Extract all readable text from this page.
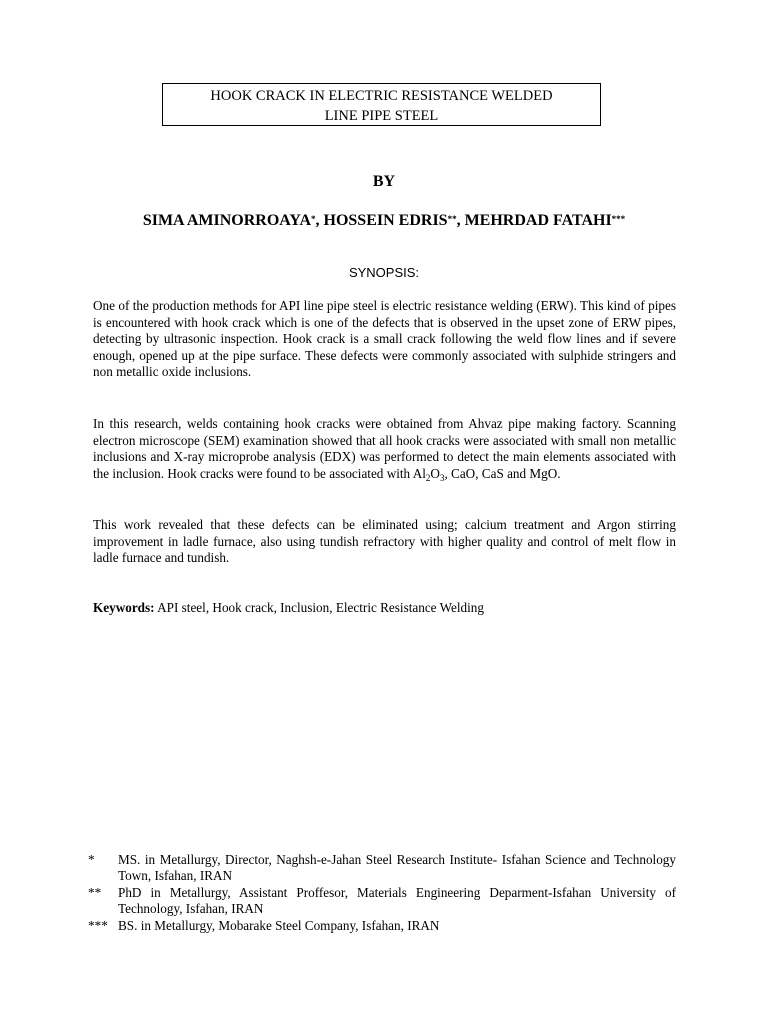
HOOK CRACK IN ELECTRIC RESISTANCE WELDED
LINE PIPE STEEL
BY
SIMA AMINORROAYA*, HOSSEIN EDRIS**, MEHRDAD FATAHI***
SYNOPSIS:

One of the production methods for API line pipe steel is electric resistance welding (ERW). This kind of pipes is encountered with hook crack which is one of the defects that is observed in the upset zone of ERW pipes, detecting by ultrasonic inspection. Hook crack is a small crack following the weld flow lines and if severe enough, opened up at the pipe surface. These defects were commonly associated with sulphide stringers and non metallic oxide inclusions.

In this research, welds containing hook cracks were obtained from Ahvaz pipe making factory. Scanning electron microscope (SEM) examination showed that all hook cracks were associated with small non metallic inclusions and X-ray microprobe analysis (EDX) was performed to detect the main elements associated with the inclusion. Hook cracks were found to be associated with $Al_2O_3$, CaO, CaS and MgO.

This work revealed that these defects can be eliminated using; calcium treatment and Argon stirring improvement in ladle furnace, also using tundish refractory with higher quality and control of melt flow in ladle furnace and tundish.

Keywords: API steel, Hook crack, Inclusion, Electric Resistance Welding
*	MS. in Metallurgy, Director, Naghsh-e-Jahan Steel Research Institute- Isfahan Science and Technology Town, Isfahan, IRAN
**	PhD in Metallurgy, Assistant Proffesor, Materials Engineering Deparment-Isfahan University of Technology, Isfahan, IRAN
*** BS. in Metallurgy, Mobarake Steel Company, Isfahan, IRAN
